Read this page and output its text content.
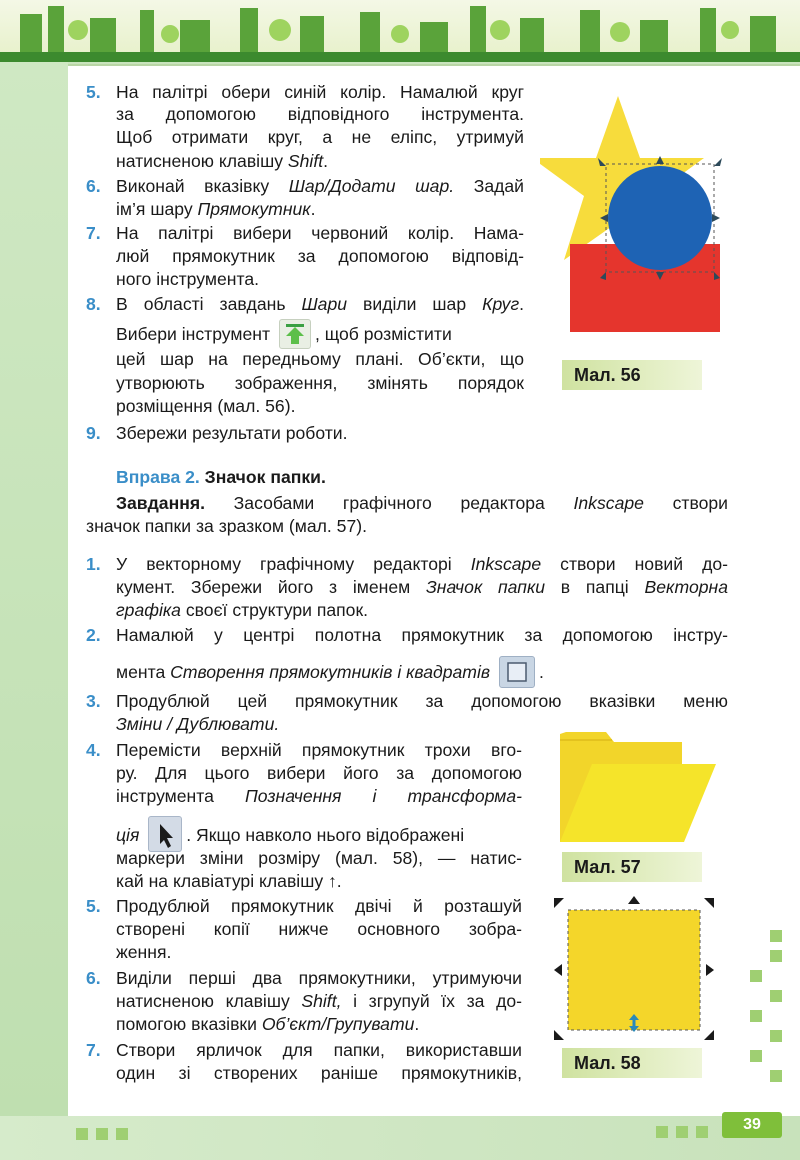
5. На палітрі обери синій колір. Намалюй круг
за допомогою відповідного інструмента.
Щоб отримати круг, а не еліпс, утримуй
натисненою клавішу Shift.
6. Виконай вказівку Шар/Додати шар. Задай
ім’я шару Прямокутник.
7. На палітрі вибери червоний колір. Нама-
люй прямокутник за допомогою відповід-
ного інструмента.
8. В області завдань Шари виділи шар Круг.
Вибери інструмент	, щоб розмістити
цей шар на передньому плані. Об’єкти, що
утворюють зображення, змінять порядок
розміщення (мал. 56).
9. Збережи результати роботи.
Мал. 56
Вправа 2. Значок папки.
Завдання. Засобами графічного редактора Inkscape створи
значок папки за зразком (мал. 57).
1. У векторному графічному редакторі Inkscape створи новий до-
кумент. Збережи його з іменем Значок папки в папці Векторна
графіка своєї структури папок.
2. Намалюй у центрі полотна прямокутник за допомогою інстру-
мента Створення прямокутників і квадратів	.
3. Продублюй цей прямокутник за допомогою вказівки меню
Зміни / Дублювати.
4. Перемісти верхній прямокутник трохи вго-
ру. Для цього вибери його за допомогою
інструмента Позначення і трансформа-
ція	. Якщо навколо нього відображені
маркери зміни розміру (мал. 58), — натис-
кай на клавіатурі клавішу ↑.
5. Продублюй прямокутник двічі й розташуй
створені копії нижче основного зобра-
ження.
6. Виділи перші два прямокутники, утримуючи
натисненою клавішу Shift, і згрупуй їх за до-
помогою вказівки Об’єкт/Групувати.
7. Створи ярличок для папки, використавши
один зі створених раніше прямокутників,
Мал. 57
Мал. 58
39
